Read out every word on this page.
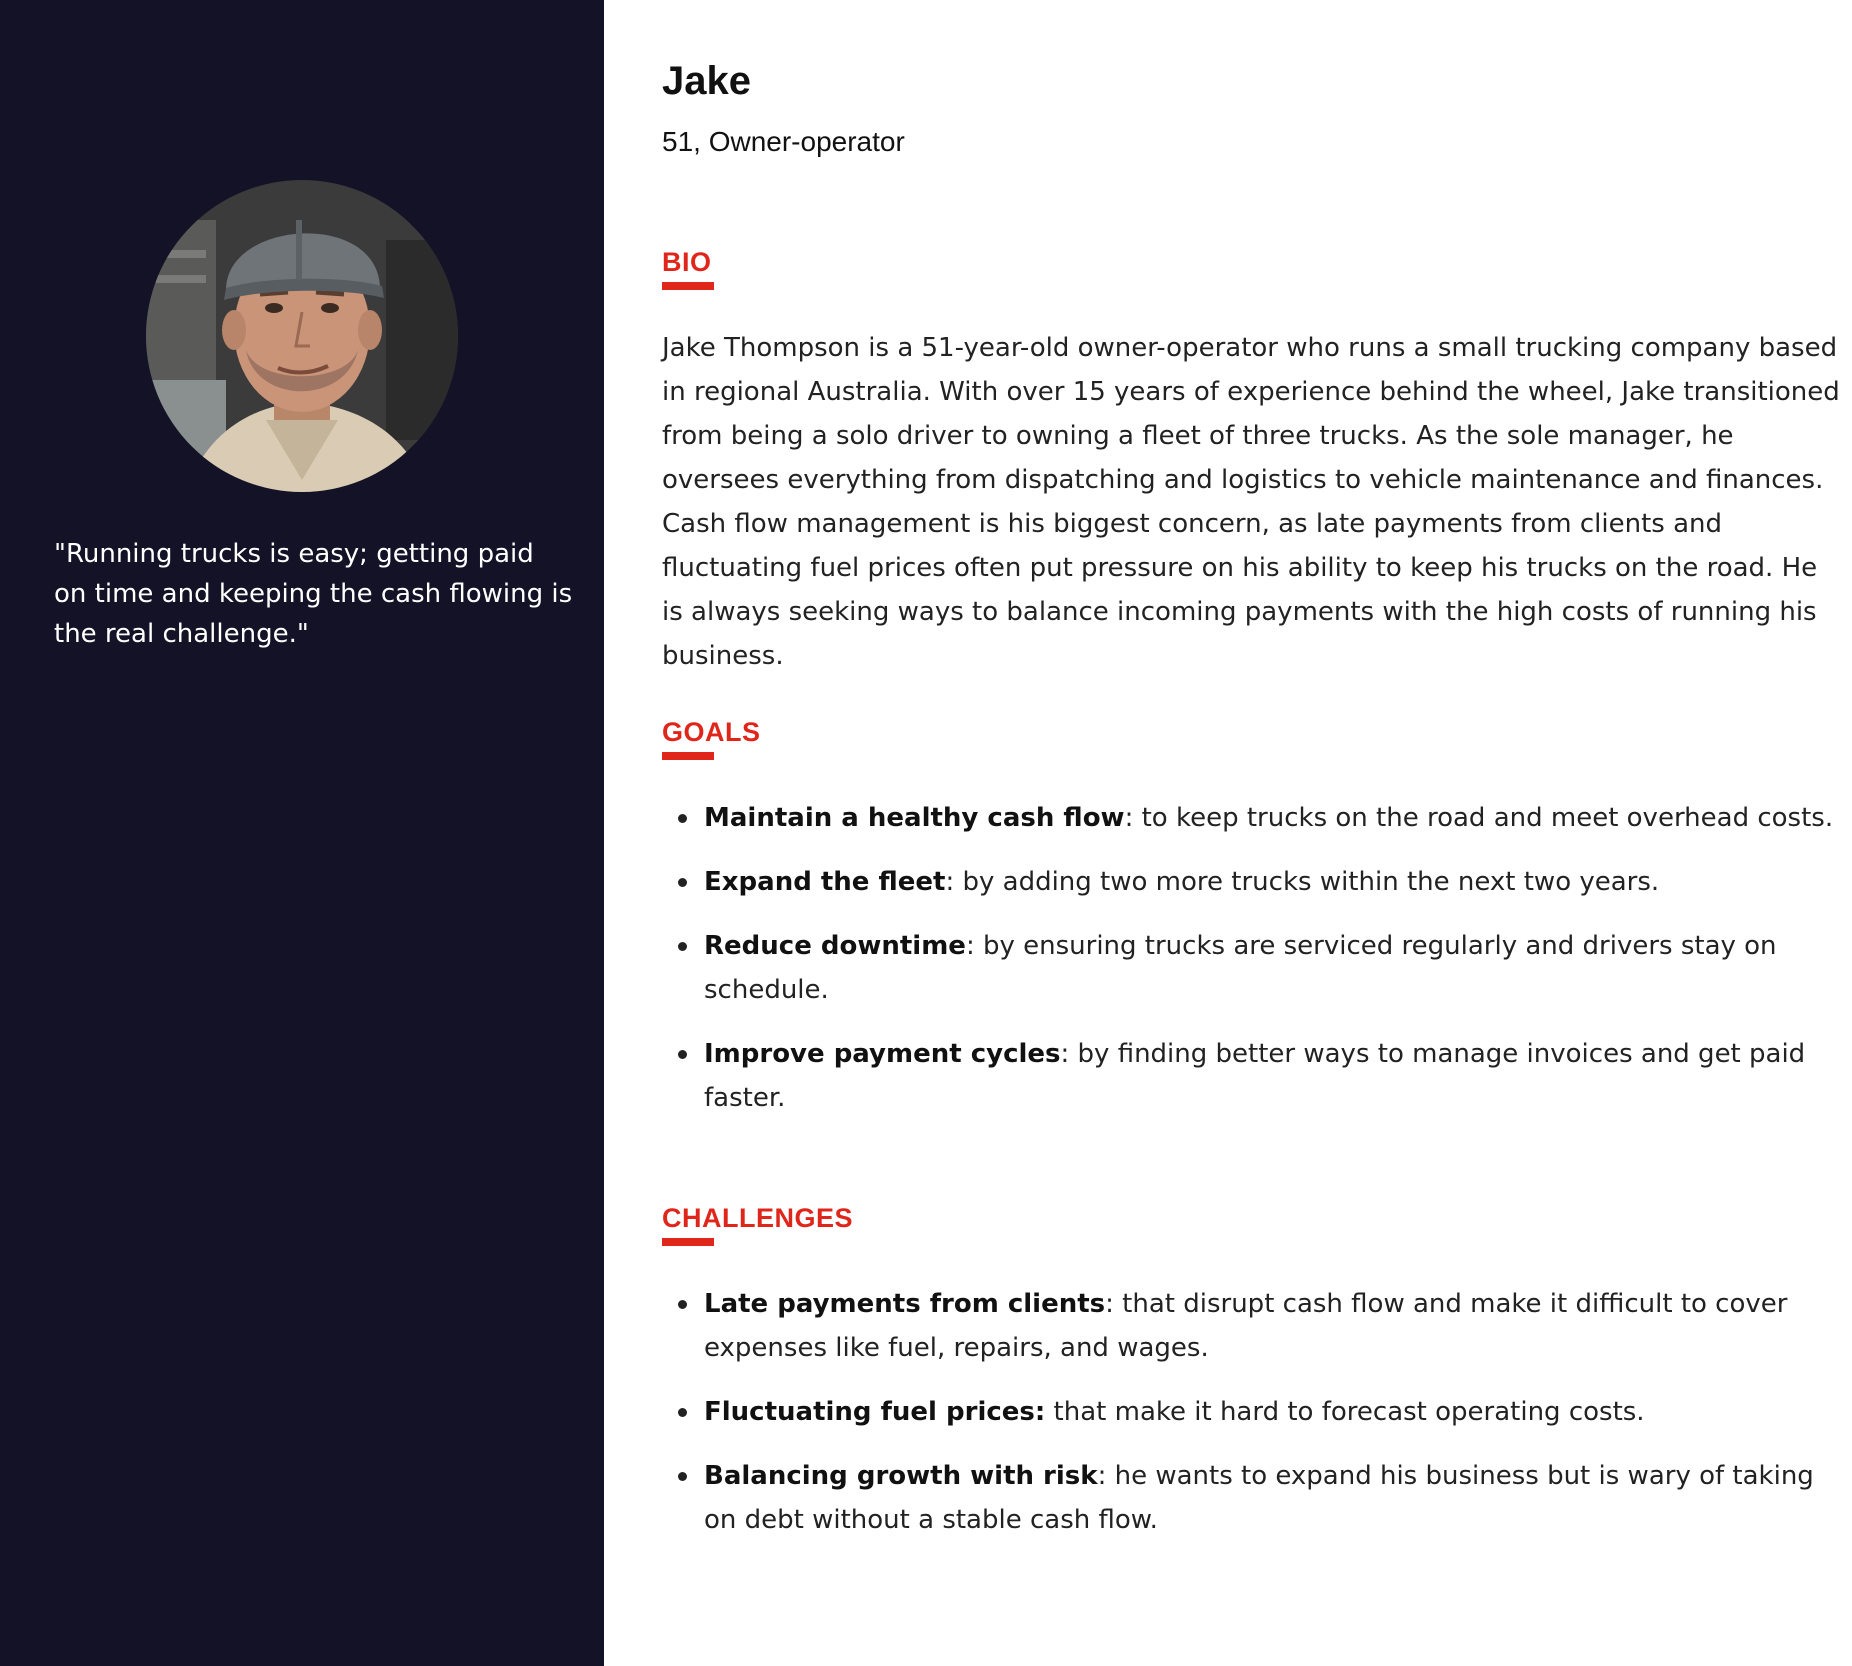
"Running trucks is easy; getting paid on time and keeping the cash flowing is the real challenge."

Jake

51, Owner-operator

BIO

Jake Thompson is a 51-year-old owner-operator who runs a small trucking company based in regional Australia. With over 15 years of experience behind the wheel, Jake transitioned from being a solo driver to owning a fleet of three trucks. As the sole manager, he oversees everything from dispatching and logistics to vehicle maintenance and finances. Cash flow management is his biggest concern, as late payments from clients and fluctuating fuel prices often put pressure on his ability to keep his trucks on the road. He is always seeking ways to balance incoming payments with the high costs of running his business.

GOALS
Maintain a healthy cash flow: to keep trucks on the road and meet overhead costs.
Expand the fleet: by adding two more trucks within the next two years.
Reduce downtime: by ensuring trucks are serviced regularly and drivers stay on schedule.
Improve payment cycles: by finding better ways to manage invoices and get paid faster.
CHALLENGES
Late payments from clients: that disrupt cash flow and make it difficult to cover expenses like fuel, repairs, and wages.
Fluctuating fuel prices: that make it hard to forecast operating costs.
Balancing growth with risk: he wants to expand his business but is wary of taking on debt without a stable cash flow.
